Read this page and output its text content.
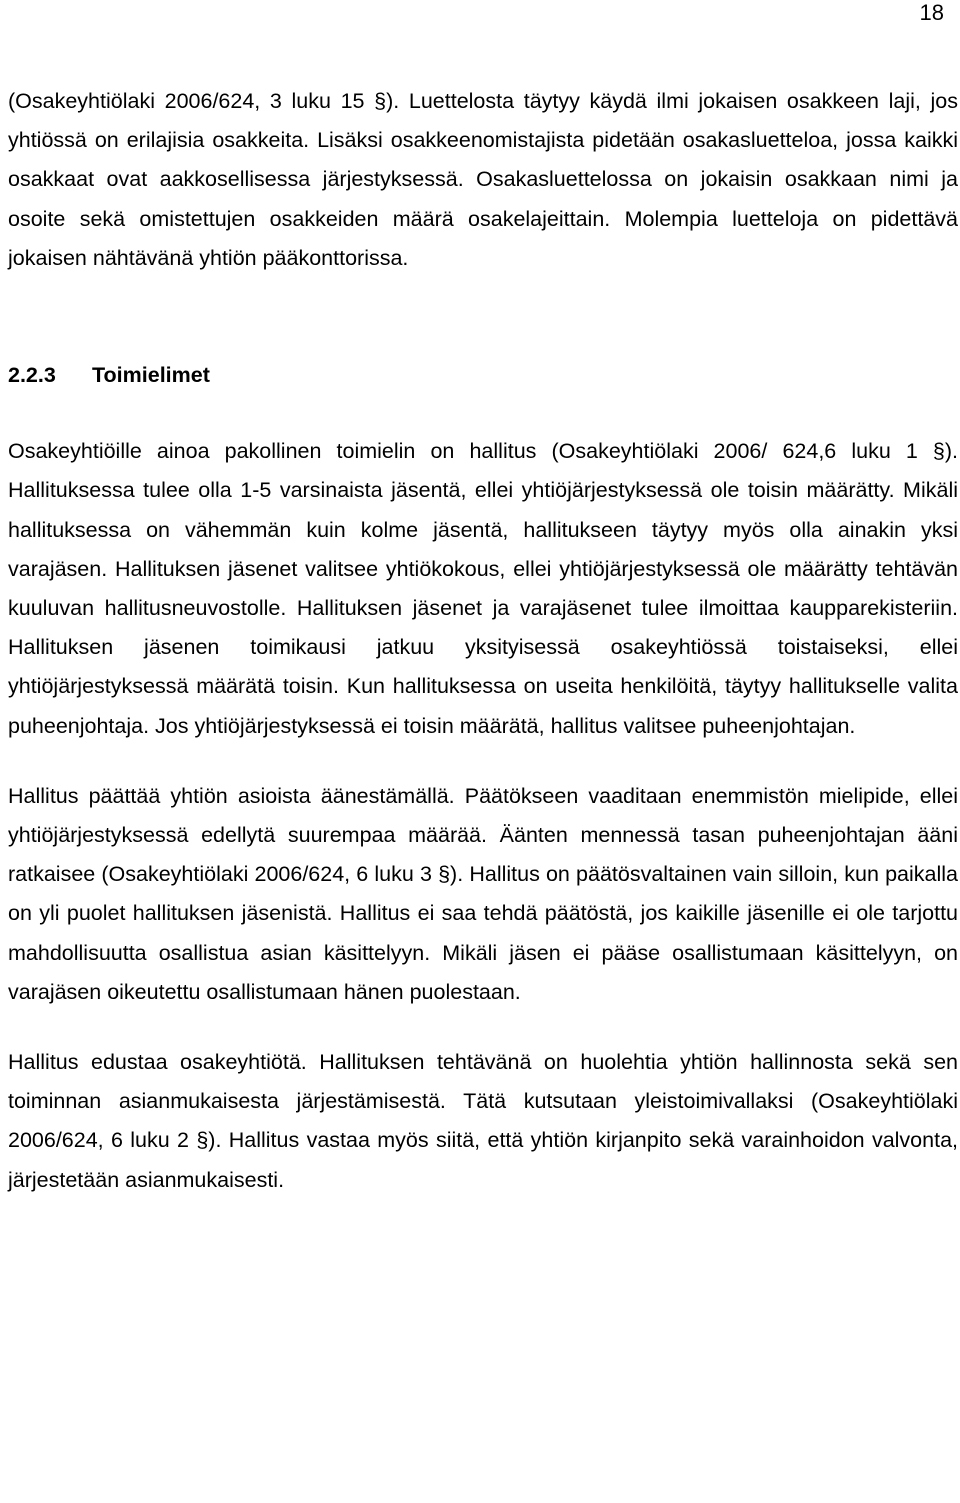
18

(Osakeyhtiölaki 2006/624, 3 luku 15 §). Luettelosta täytyy käydä ilmi jokaisen osakkeen laji, jos yhtiössä on erilajisia osakkeita. Lisäksi osakkeenomistajista pidetään osakasluetteloa, jossa kaikki osakkaat ovat aakkosellisessa järjestyksessä. Osakasluettelossa on jokaisin osakkaan nimi ja osoite sekä omistettujen osakkeiden määrä osakelajeittain. Molempia luetteloja on pidettävä jokaisen nähtävänä yhtiön pääkonttorissa.

2.2.3 Toimielimet

Osakeyhtiöille ainoa pakollinen toimielin on hallitus (Osakeyhtiölaki 2006/ 624,6 luku 1 §). Hallituksessa tulee olla 1-5 varsinaista jäsentä, ellei yhtiöjärjestyksessä ole toisin määrätty. Mikäli hallituksessa on vähemmän kuin kolme jäsentä, hallitukseen täytyy myös olla ainakin yksi varajäsen. Hallituksen jäsenet valitsee yhtiökokous, ellei yhtiöjärjestyksessä ole määrätty tehtävän kuuluvan hallitusneuvostolle. Hallituksen jäsenet ja varajäsenet tulee ilmoittaa kaupparekisteriin. Hallituksen jäsenen toimikausi jatkuu yksityisessä osakeyhtiössä toistaiseksi, ellei yhtiöjärjestyksessä määrätä toisin. Kun hallituksessa on useita henkilöitä, täytyy hallitukselle valita puheenjohtaja. Jos yhtiöjärjestyksessä ei toisin määrätä, hallitus valitsee puheenjohtajan.

Hallitus päättää yhtiön asioista äänestämällä. Päätökseen vaaditaan enemmistön mielipide, ellei yhtiöjärjestyksessä edellytä suurempaa määrää. Äänten mennessä tasan puheenjohtajan ääni ratkaisee (Osakeyhtiölaki 2006/624, 6 luku 3 §). Hallitus on päätösvaltainen vain silloin, kun paikalla on yli puolet hallituksen jäsenistä. Hallitus ei saa tehdä päätöstä, jos kaikille jäsenille ei ole tarjottu mahdollisuutta osallistua asian käsittelyyn. Mikäli jäsen ei pääse osallistumaan käsittelyyn, on varajäsen oikeutettu osallistumaan hänen puolestaan.

Hallitus edustaa osakeyhtiötä. Hallituksen tehtävänä on huolehtia yhtiön hallinnosta sekä sen toiminnan asianmukaisesta järjestämisestä. Tätä kutsutaan yleistoimivallaksi (Osakeyhtiölaki 2006/624, 6 luku 2 §). Hallitus vastaa myös siitä, että yhtiön kirjanpito sekä varainhoidon valvonta, järjestetään asianmukaisesti.
